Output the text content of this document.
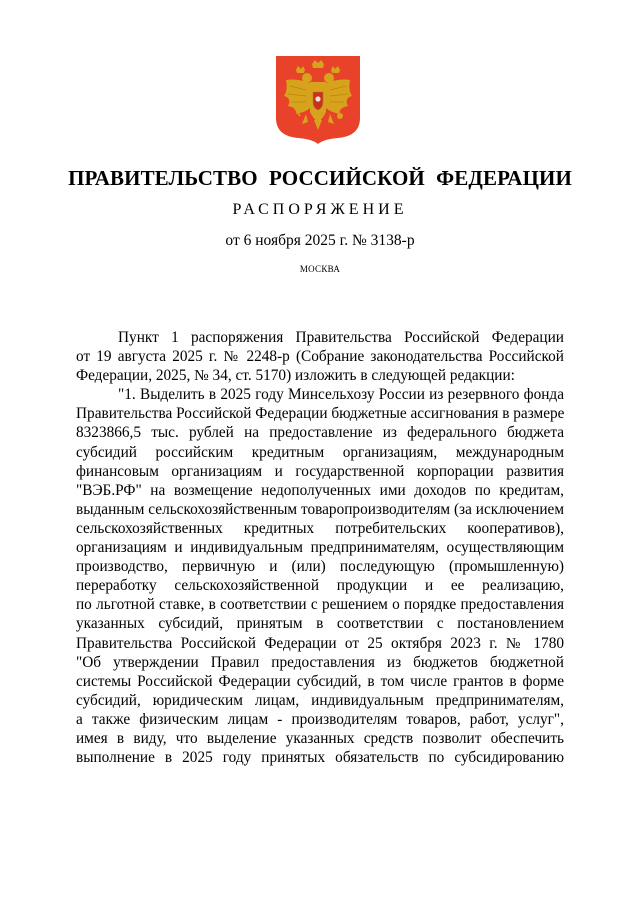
ПРАВИТЕЛЬСТВО РОССИЙСКОЙ ФЕДЕРАЦИИ
РАСПОРЯЖЕНИЕ
от 6 ноября 2025 г. № 3138-р
МОСКВА
Пункт 1 распоряжения Правительства Российской Федерации
от 19 августа 2025 г. № 2248-р (Собрание законодательства Российской
Федерации, 2025, № 34, ст. 5170) изложить в следующей редакции:
"1. Выделить в 2025 году Минсельхозу России из резервного фонда
Правительства Российской Федерации бюджетные ассигнования в размере
8323866,5 тыс. рублей на предоставление из федерального бюджета
субсидий российским кредитным организациям, международным
финансовым организациям и государственной корпорации развития
"ВЭБ.РФ" на возмещение недополученных ими доходов по кредитам,
выданным сельскохозяйственным товаропроизводителям (за исключением
сельскохозяйственных кредитных потребительских кооперативов),
организациям и индивидуальным предпринимателям, осуществляющим
производство, первичную и (или) последующую (промышленную)
переработку сельскохозяйственной продукции и ее реализацию,
по льготной ставке, в соответствии с решением о порядке предоставления
указанных субсидий, принятым в соответствии с постановлением
Правительства Российской Федерации от 25 октября 2023 г. № 1780
"Об утверждении Правил предоставления из бюджетов бюджетной
системы Российской Федерации субсидий, в том числе грантов в форме
субсидий, юридическим лицам, индивидуальным предпринимателям,
а также физическим лицам - производителям товаров, работ, услуг",
имея в виду, что выделение указанных средств позволит обеспечить
выполнение в 2025 году принятых обязательств по субсидированию
